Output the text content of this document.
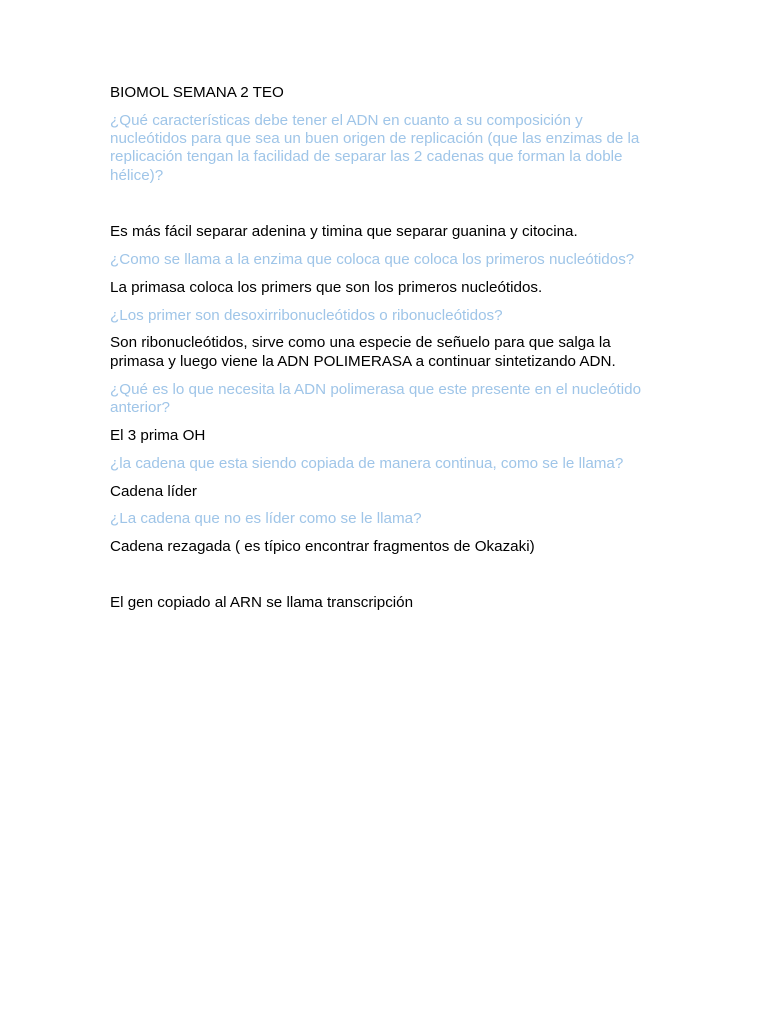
BIOMOL SEMANA 2 TEO

¿Qué características debe tener el ADN en cuanto a su composición y nucleótidos para que sea un buen origen de replicación (que las enzimas de la replicación tengan la facilidad de separar las 2 cadenas que forman la doble hélice)?

Es más fácil separar adenina y timina que separar guanina y citocina.

¿Como se llama a la enzima que coloca que coloca los primeros nucleótidos?

La primasa coloca los primers que son los primeros nucleótidos.

¿Los primer son desoxirribonucleótidos o ribonucleótidos?

Son ribonucleótidos, sirve como una especie de señuelo para que salga la primasa y luego viene la ADN POLIMERASA a continuar sintetizando ADN.

¿Qué es lo que necesita la ADN polimerasa que este presente en el nucleótido anterior?

El 3 prima OH

¿la cadena que esta siendo copiada de manera continua, como se le llama?

Cadena líder

¿La cadena que no es líder como se le llama?

Cadena rezagada ( es típico encontrar fragmentos de Okazaki)

El gen copiado al ARN se llama transcripción
